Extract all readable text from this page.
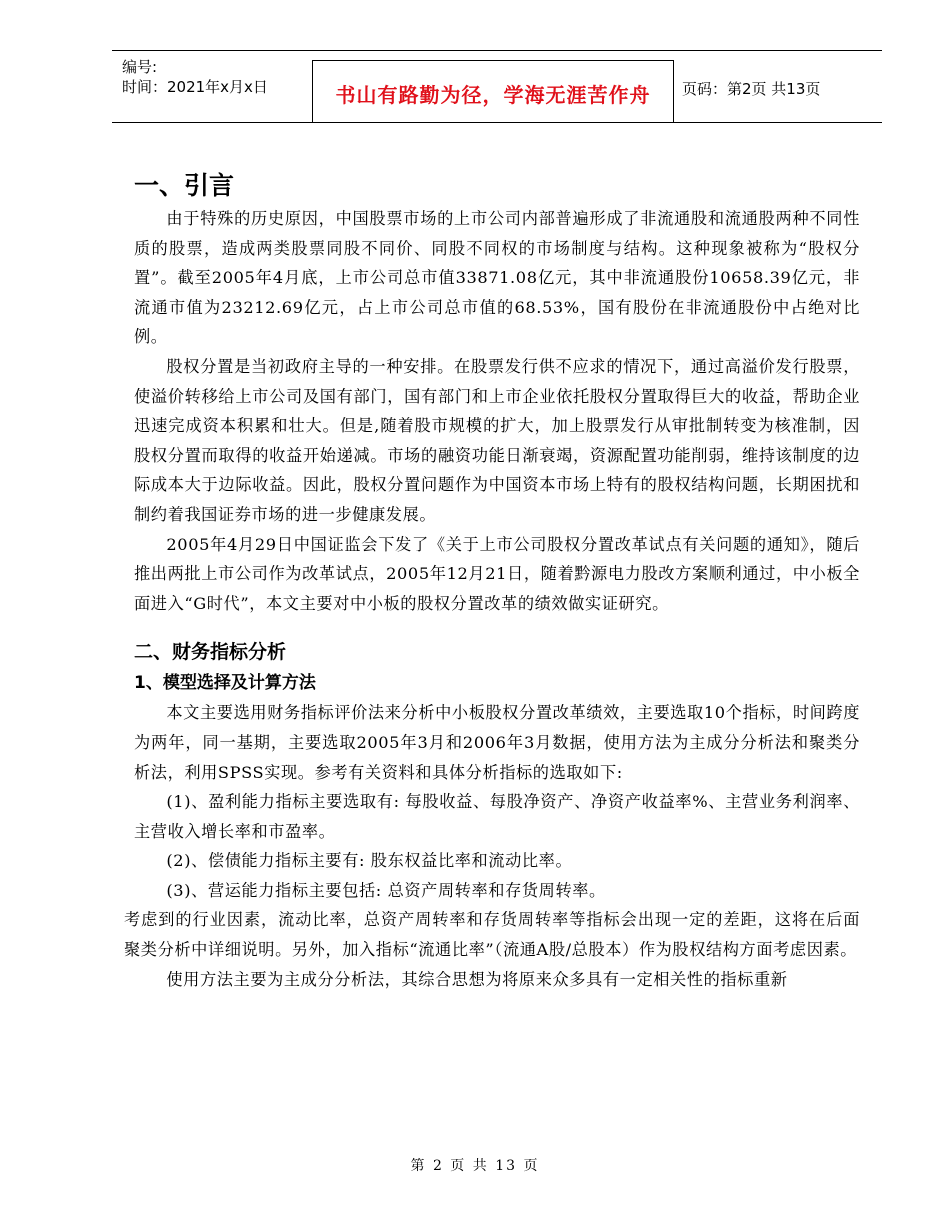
编号:
时间：2021年x月x日	书山有路勤为径，学海无涯苦作舟	页码：第2页 共13页
一、引言

由于特殊的历史原因，中国股票市场的上市公司内部普遍形成了非流通股和流通股两种不同性质的股票，造成两类股票同股不同价、同股不同权的市场制度与结构。这种现象被称为“股权分置”。截至2005年4月底，上市公司总市值33871.08亿元，其中非流通股份10658.39亿元，非流通市值为23212.69亿元，占上市公司总市值的68.53%，国有股份在非流通股份中占绝对比例。

股权分置是当初政府主导的一种安排。在股票发行供不应求的情况下，通过高溢价发行股票，使溢价转移给上市公司及国有部门，国有部门和上市企业依托股权分置取得巨大的收益，帮助企业迅速完成资本积累和壮大。但是,随着股市规模的扩大，加上股票发行从审批制转变为核准制，因股权分置而取得的收益开始递减。市场的融资功能日渐衰竭，资源配置功能削弱，维持该制度的边际成本大于边际收益。因此，股权分置问题作为中国资本市场上特有的股权结构问题，长期困扰和制约着我国证券市场的进一步健康发展。

2005年4月29日中国证监会下发了《关于上市公司股权分置改革试点有关问题的通知》，随后推出两批上市公司作为改革试点，2005年12月21日，随着黔源电力股改方案顺利通过，中小板全面进入“G时代”，本文主要对中小板的股权分置改革的绩效做实证研究。

二、财务指标分析
1、模型选择及计算方法

本文主要选用财务指标评价法来分析中小板股权分置改革绩效，主要选取10个指标，时间跨度为两年，同一基期，主要选取2005年3月和2006年3月数据，使用方法为主成分分析法和聚类分析法，利用SPSS实现。参考有关资料和具体分析指标的选取如下:

(1)、盈利能力指标主要选取有: 每股收益、每股净资产、净资产收益率%、主营业务利润率、主营收入增长率和市盈率。

(2)、偿债能力指标主要有: 股东权益比率和流动比率。

(3)、营运能力指标主要包括: 总资产周转率和存货周转率。

考虑到的行业因素，流动比率，总资产周转率和存货周转率等指标会出现一定的差距，这将在后面聚类分析中详细说明。另外，加入指标“流通比率”（流通A股/总股本）作为股权结构方面考虑因素。

使用方法主要为主成分分析法，其综合思想为将原来众多具有一定相关性的指标重新

第 2 页 共 13 页
